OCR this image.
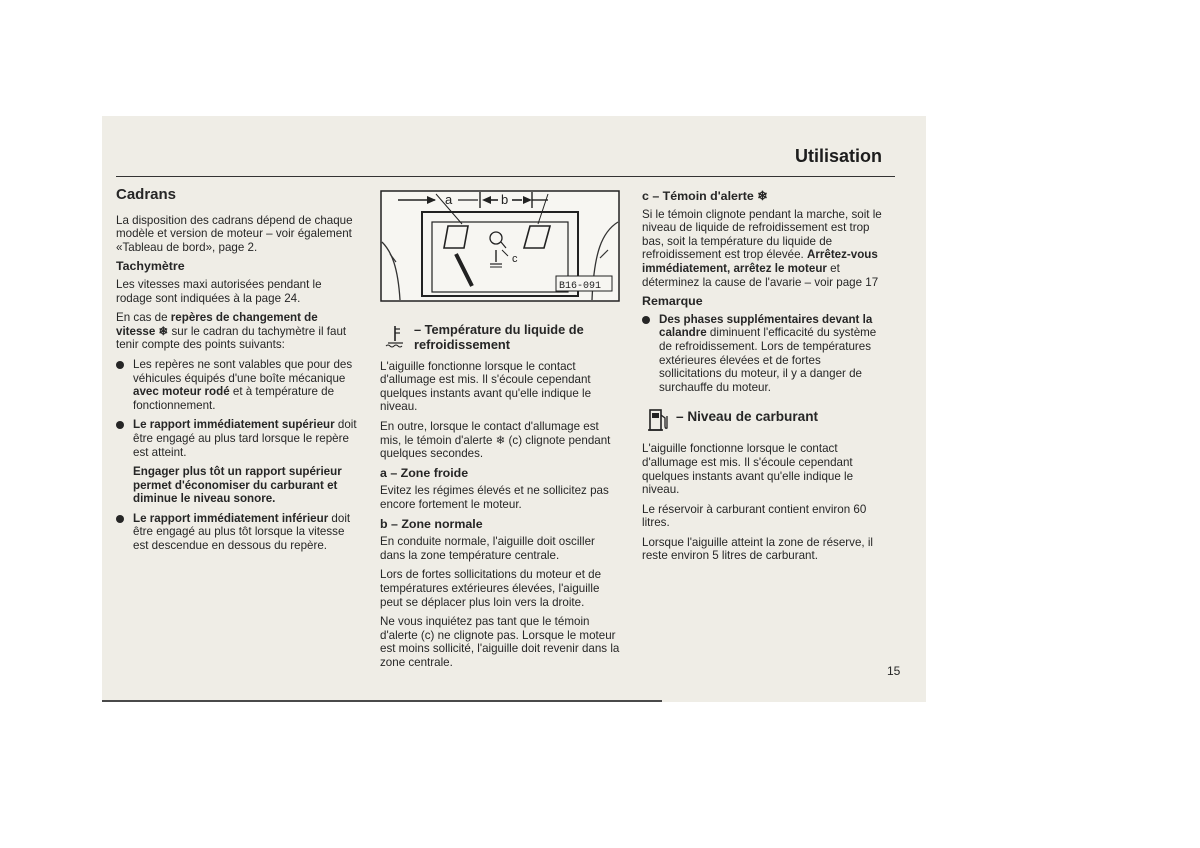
Utilisation
Cadrans

La disposition des cadrans dépend de chaque modèle et version de moteur – voir également «Tableau de bord», page 2.

Tachymètre

Les vitesses maxi autorisées pendant le rodage sont indiquées à la page 24.

En cas de repères de changement de vitesse ❄ sur le cadran du tachymètre il faut tenir compte des points suivants:

Les repères ne sont valables que pour des véhicules équipés d'une boîte mécanique avec moteur rodé et à température de fonctionnement.
Le rapport immédiatement supérieur doit être engagé au plus tard lorsque le repère est atteint.

Engager plus tôt un rapport supérieur permet d'économiser du carburant et diminue le niveau sonore.

Le rapport immédiatement inférieur doit être engagé au plus tôt lorsque la vitesse est descendue en dessous du repère.
a	b
c
B16-091
– Température du liquide de refroidissement

L'aiguille fonctionne lorsque le contact d'allumage est mis. Il s'écoule cependant quelques instants avant qu'elle indique le niveau.

En outre, lorsque le contact d'allumage est mis, le témoin d'alerte ❄ (c) clignote pendant quelques secondes.

a – Zone froide

Evitez les régimes élevés et ne sollicitez pas encore fortement le moteur.

b – Zone normale

En conduite normale, l'aiguille doit osciller dans la zone température centrale.

Lors de fortes sollicitations du moteur et de températures extérieures élevées, l'aiguille peut se déplacer plus loin vers la droite.

Ne vous inquiétez pas tant que le témoin d'alerte (c) ne clignote pas. Lorsque le moteur est moins sollicité, l'aiguille doit revenir dans la zone centrale.

c – Témoin d'alerte ❄

Si le témoin clignote pendant la marche, soit le niveau de liquide de refroidissement est trop bas, soit la température du liquide de refroidissement est trop élevée. Arrêtez-vous immédiatement, arrêtez le moteur et déterminez la cause de l'avarie – voir page 17

Remarque
Des phases supplémentaires devant la calandre diminuent l'efficacité du système de refroidissement. Lors de températures extérieures élevées et de fortes sollicitations du moteur, il y a danger de surchauffe du moteur.
– Niveau de carburant

L'aiguille fonctionne lorsque le contact d'allumage est mis. Il s'écoule cependant quelques instants avant qu'elle indique le niveau.

Le réservoir à carburant contient environ 60 litres.

Lorsque l'aiguille atteint la zone de réserve, il reste environ 5 litres de carburant.

15
